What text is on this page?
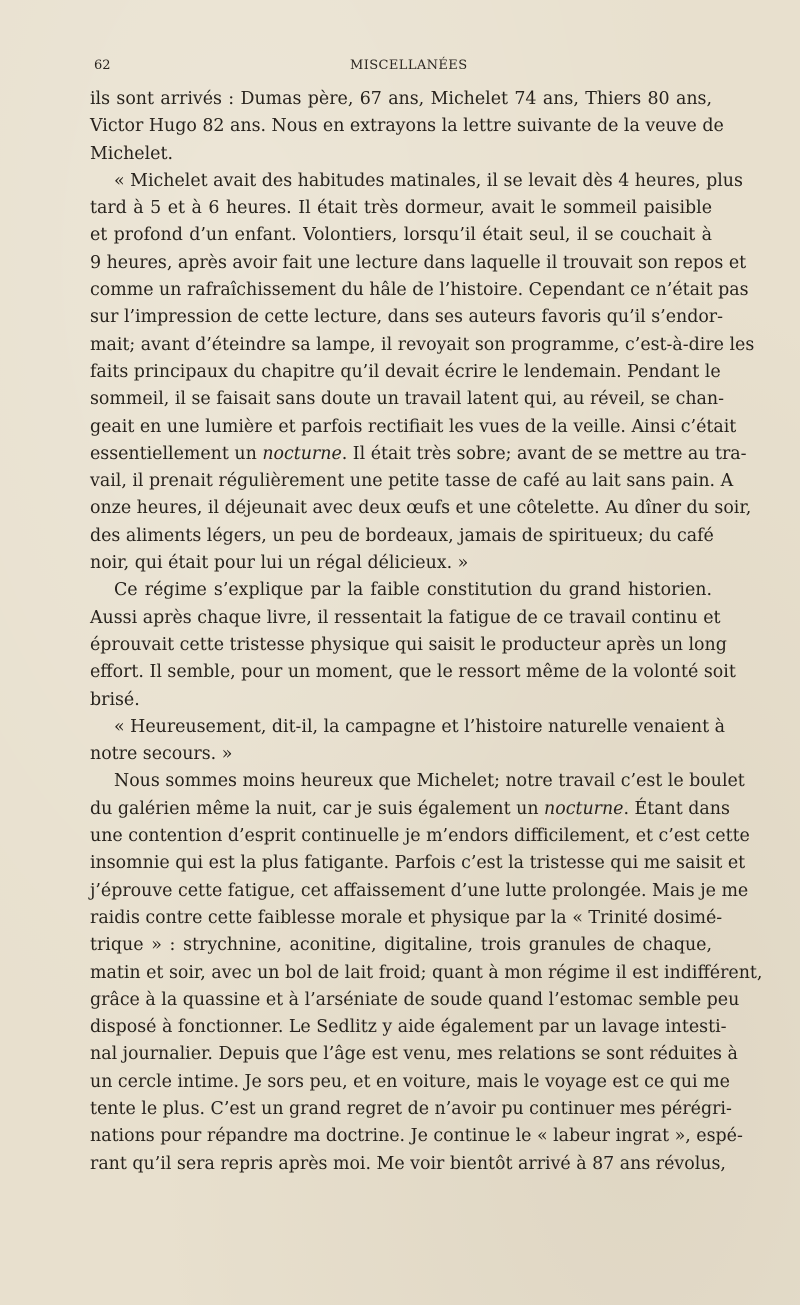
62	MISCELLANÉES
ils sont arrivés : Dumas père, 67 ans, Michelet 74 ans, Thiers 80 ans,
Victor Hugo 82 ans. Nous en extrayons la lettre suivante de la veuve de
Michelet.
« Michelet avait des habitudes matinales, il se levait dès 4 heures, plus
tard à 5 et à 6 heures. Il était très dormeur, avait le sommeil paisible
et profond d’un enfant. Volontiers, lorsqu’il était seul, il se couchait à
9 heures, après avoir fait une lecture dans laquelle il trouvait son repos et
comme un rafraîchissement du hâle de l’histoire. Cependant ce n’était pas
sur l’impression de cette lecture, dans ses auteurs favoris qu’il s’endor-
mait; avant d’éteindre sa lampe, il revoyait son programme, c’est-à-dire les
faits principaux du chapitre qu’il devait écrire le lendemain. Pendant le
sommeil, il se faisait sans doute un travail latent qui, au réveil, se chan-
geait en une lumière et parfois rectifiait les vues de la veille. Ainsi c’était
essentiellement un nocturne. Il était très sobre; avant de se mettre au tra-
vail, il prenait régulièrement une petite tasse de café au lait sans pain. A
onze heures, il déjeunait avec deux œufs et une côtelette. Au dîner du soir,
des aliments légers, un peu de bordeaux, jamais de spiritueux; du café
noir, qui était pour lui un régal délicieux. »
Ce régime s’explique par la faible constitution du grand historien.
Aussi après chaque livre, il ressentait la fatigue de ce travail continu et
éprouvait cette tristesse physique qui saisit le producteur après un long
effort. Il semble, pour un moment, que le ressort même de la volonté soit
brisé.
« Heureusement, dit-il, la campagne et l’histoire naturelle venaient à
notre secours. »
Nous sommes moins heureux que Michelet; notre travail c’est le boulet
du galérien même la nuit, car je suis également un nocturne. Étant dans
une contention d’esprit continuelle je m’endors difficilement, et c’est cette
insomnie qui est la plus fatigante. Parfois c’est la tristesse qui me saisit et
j’éprouve cette fatigue, cet affaissement d’une lutte prolongée. Mais je me
raidis contre cette faiblesse morale et physique par la « Trinité dosimé-
trique » : strychnine, aconitine, digitaline, trois granules de chaque,
matin et soir, avec un bol de lait froid; quant à mon régime il est indifférent,
grâce à la quassine et à l’arséniate de soude quand l’estomac semble peu
disposé à fonctionner. Le Sedlitz y aide également par un lavage intesti-
nal journalier. Depuis que l’âge est venu, mes relations se sont réduites à
un cercle intime. Je sors peu, et en voiture, mais le voyage est ce qui me
tente le plus. C’est un grand regret de n’avoir pu continuer mes pérégri-
nations pour répandre ma doctrine. Je continue le « labeur ingrat », espé-
rant qu’il sera repris après moi. Me voir bientôt arrivé à 87 ans révolus,
